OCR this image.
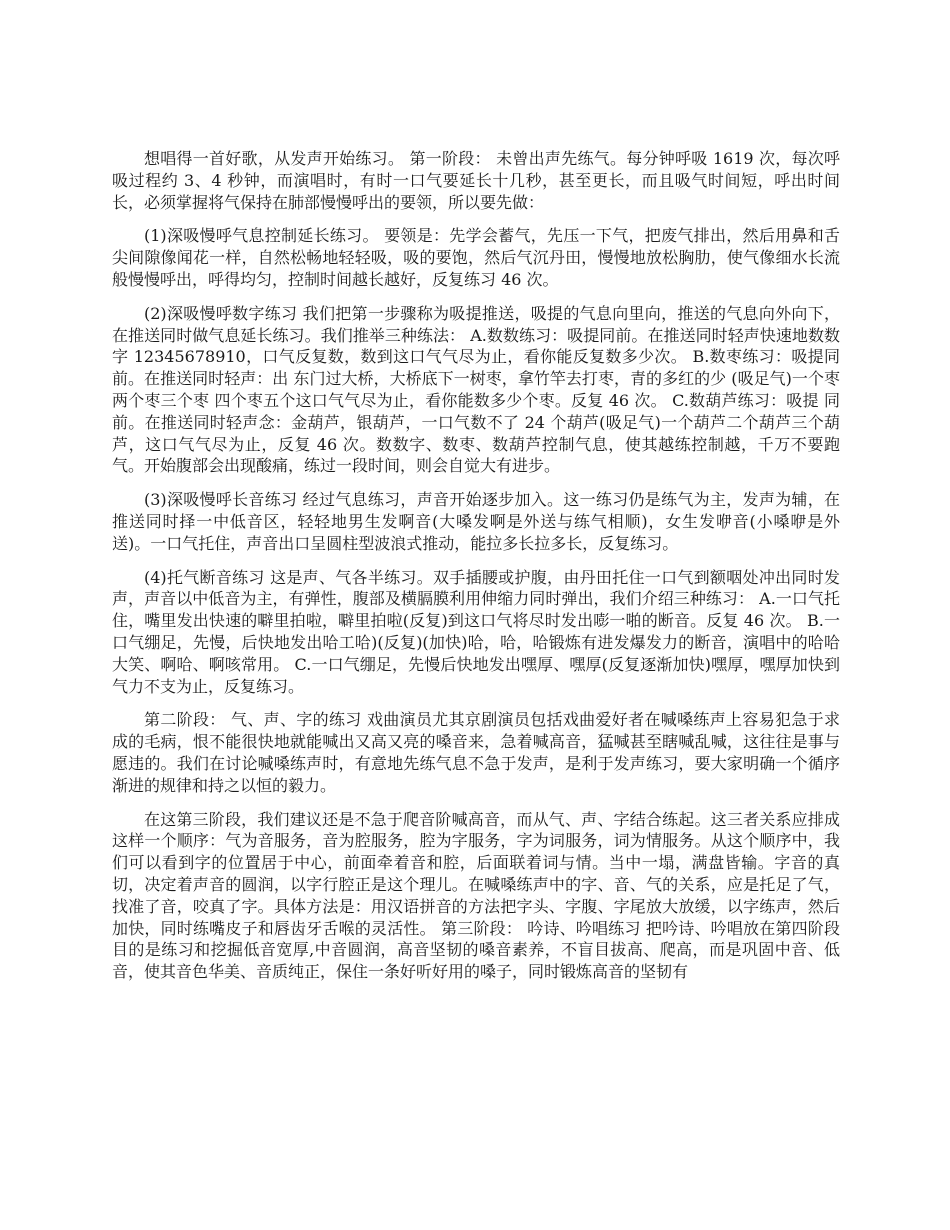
想唱得一首好歌，从发声开始练习。 第一阶段： 未曾出声先练气。每分钟呼吸 1619 次，每次呼吸过程约 3、4 秒钟，而演唱时，有时一口气要延长十几秒，甚至更长，而且吸气时间短，呼出时间长，必须掌握将气保持在肺部慢慢呼出的要领，所以要先做：

(1)深吸慢呼气息控制延长练习。 要领是：先学会蓄气，先压一下气，把废气排出，然后用鼻和舌尖间隙像闻花一样，自然松畅地轻轻吸，吸的要饱，然后气沉丹田，慢慢地放松胸肋，使气像细水长流般慢慢呼出，呼得均匀，控制时间越长越好，反复练习 46 次。

(2)深吸慢呼数字练习 我们把第一步骤称为吸提推送，吸提的气息向里向，推送的气息向外向下，在推送同时做气息延长练习。我们推举三种练法： A.数数练习：吸提同前。在推送同时轻声快速地数数字 12345678910，口气反复数，数到这口气气尽为止，看你能反复数多少次。 B.数枣练习：吸提同前。在推送同时轻声：出 东门过大桥，大桥底下一树枣，拿竹竿去打枣，青的多红的少 (吸足气)一个枣两个枣三个枣 四个枣五个这口气气尽为止，看你能数多少个枣。反复 46 次。 C.数葫芦练习：吸提 同前。在推送同时轻声念：金葫芦，银葫芦，一口气数不了 24 个葫芦(吸足气)一个葫芦二个葫芦三个葫芦，这口气气尽为止，反复 46 次。数数字、数枣、数葫芦控制气息，使其越练控制越，千万不要跑气。开始腹部会出现酸痛，练过一段时间，则会自觉大有进步。

(3)深吸慢呼长音练习 经过气息练习，声音开始逐步加入。这一练习仍是练气为主，发声为辅，在推送同时择一中低音区，轻轻地男生发啊音(大嗓发啊是外送与练气相顺)，女生发咿音(小嗓咿是外送)。一口气托住，声音出口呈圆柱型波浪式推动，能拉多长拉多长，反复练习。

(4)托气断音练习 这是声、气各半练习。双手插腰或护腹，由丹田托住一口气到额咽处冲出同时发声，声音以中低音为主，有弹性，腹部及横膈膜利用伸缩力同时弹出，我们介绍三种练习： A.一口气托住，嘴里发出快速的噼里拍啦，噼里拍啦(反复)到这口气将尽时发出嘭一啪的断音。反复 46 次。 B.一口气绷足，先慢，后快地发出哈工哈)(反复)(加快)哈，哈，哈锻炼有进发爆发力的断音，演唱中的哈哈大笑、啊哈、啊咳常用。 C.一口气绷足，先慢后快地发出嘿厚、嘿厚(反复逐渐加快)嘿厚，嘿厚加快到气力不支为止，反复练习。

第二阶段： 气、声、字的练习 戏曲演员尤其京剧演员包括戏曲爱好者在喊嗓练声上容易犯急于求成的毛病，恨不能很快地就能喊出又高又亮的嗓音来，急着喊高音，猛喊甚至瞎喊乱喊，这往往是事与愿违的。我们在讨论喊嗓练声时，有意地先练气息不急于发声，是利于发声练习，要大家明确一个循序渐进的规律和持之以恒的毅力。

在这第三阶段，我们建议还是不急于爬音阶喊高音，而从气、声、字结合练起。这三者关系应排成这样一个顺序：气为音服务，音为腔服务，腔为字服务，字为词服务，词为情服务。从这个顺序中，我们可以看到字的位置居于中心，前面牵着音和腔，后面联着词与情。当中一塌，满盘皆输。字音的真切，决定着声音的圆润，以字行腔正是这个理儿。在喊嗓练声中的字、音、气的关系，应是托足了气，找准了音，咬真了字。具体方法是：用汉语拼音的方法把字头、字腹、字尾放大放缓，以字练声，然后加快，同时练嘴皮子和唇齿牙舌喉的灵活性。 第三阶段： 吟诗、吟唱练习 把吟诗、吟唱放在第四阶段目的是练习和挖掘低音宽厚,中音圆润，高音坚韧的嗓音素养，不盲目拔高、爬高，而是巩固中音、低音，使其音色华美、音质纯正，保住一条好听好用的嗓子，同时锻炼高音的坚韧有
